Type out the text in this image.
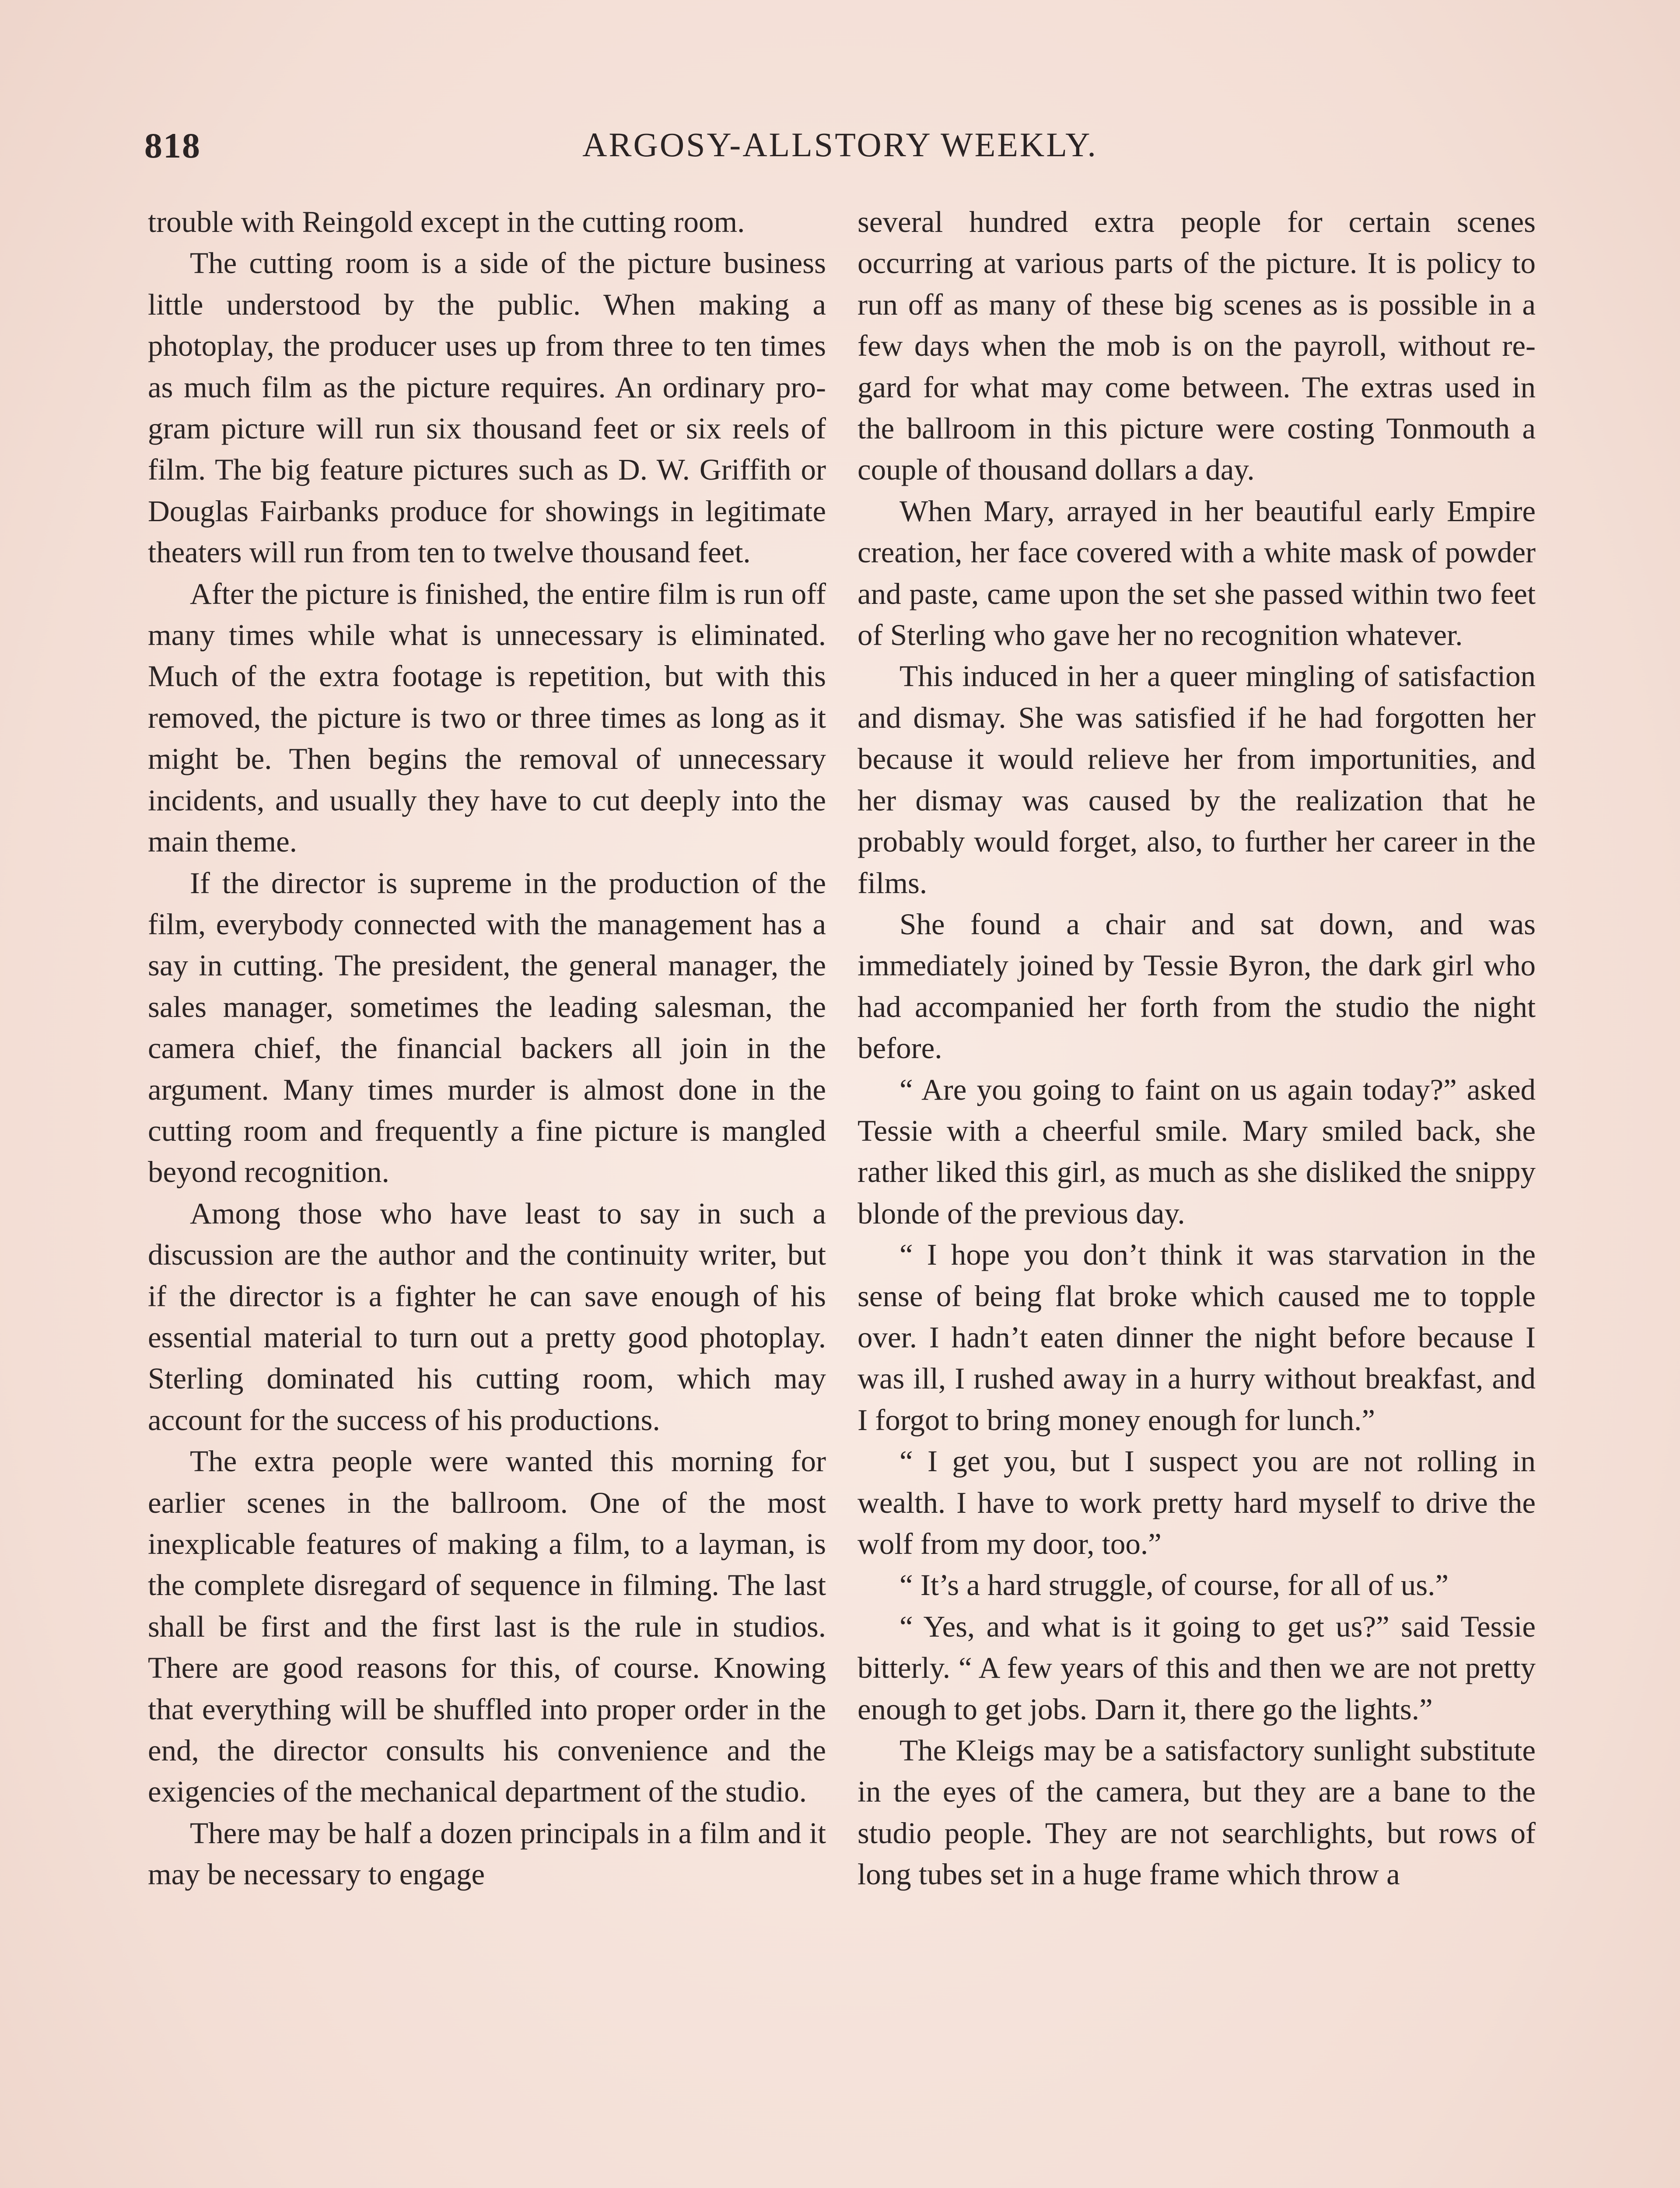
818	ARGOSY-ALLSTORY WEEKLY.

trouble with Reingold except in the cutting room.

The cutting room is a side of the picture business little understood by the public. When making a photoplay, the producer uses up from three to ten times as much film as the picture requires. An ordinary program picture will run six thousand feet or six reels of film. The big feature pictures such as D. W. Griffith or Douglas Fairbanks produce for showings in legitimate theaters will run from ten to twelve thousand feet.

After the picture is finished, the entire film is run off many times while what is unnecessary is eliminated. Much of the extra footage is repetition, but with this removed, the picture is two or three times as long as it might be. Then begins the removal of unnecessary incidents, and usually they have to cut deeply into the main theme.

If the director is supreme in the production of the film, everybody connected with the management has a say in cutting. The president, the general manager, the sales manager, sometimes the leading salesman, the camera chief, the financial backers all join in the argument. Many times murder is almost done in the cutting room and frequently a fine picture is mangled beyond recognition.

Among those who have least to say in such a discussion are the author and the continuity writer, but if the director is a fighter he can save enough of his essential material to turn out a pretty good photoplay. Sterling dominated his cutting room, which may account for the success of his productions.

The extra people were wanted this morning for earlier scenes in the ballroom. One of the most inexplicable features of making a film, to a layman, is the complete disregard of sequence in filming. The last shall be first and the first last is the rule in studios. There are good reasons for this, of course. Knowing that everything will be shuffled into proper order in the end, the director consults his convenience and the exigencies of the mechanical department of the studio.

There may be half a dozen principals in a film and it may be necessary to engage

several hundred extra people for certain scenes occurring at various parts of the picture. It is policy to run off as many of these big scenes as is possible in a few days when the mob is on the payroll, without regard for what may come between. The extras used in the ballroom in this picture were costing Tonmouth a couple of thousand dollars a day.

When Mary, arrayed in her beautiful early Empire creation, her face covered with a white mask of powder and paste, came upon the set she passed within two feet of Sterling who gave her no recognition whatever.

This induced in her a queer mingling of satisfaction and dismay. She was satisfied if he had forgotten her because it would relieve her from importunities, and her dismay was caused by the realization that he probably would forget, also, to further her career in the films.

She found a chair and sat down, and was immediately joined by Tessie Byron, the dark girl who had accompanied her forth from the studio the night before.

“ Are you going to faint on us again today?” asked Tessie with a cheerful smile. Mary smiled back, she rather liked this girl, as much as she disliked the snippy blonde of the previous day.

“ I hope you don’t think it was starvation in the sense of being flat broke which caused me to topple over. I hadn’t eaten dinner the night before because I was ill, I rushed away in a hurry without breakfast, and I forgot to bring money enough for lunch.”

“ I get you, but I suspect you are not rolling in wealth. I have to work pretty hard myself to drive the wolf from my door, too.”

“ It’s a hard struggle, of course, for all of us.”

“ Yes, and what is it going to get us?” said Tessie bitterly. “ A few years of this and then we are not pretty enough to get jobs. Darn it, there go the lights.”

The Kleigs may be a satisfactory sunlight substitute in the eyes of the camera, but they are a bane to the studio people. They are not searchlights, but rows of long tubes set in a huge frame which throw a
